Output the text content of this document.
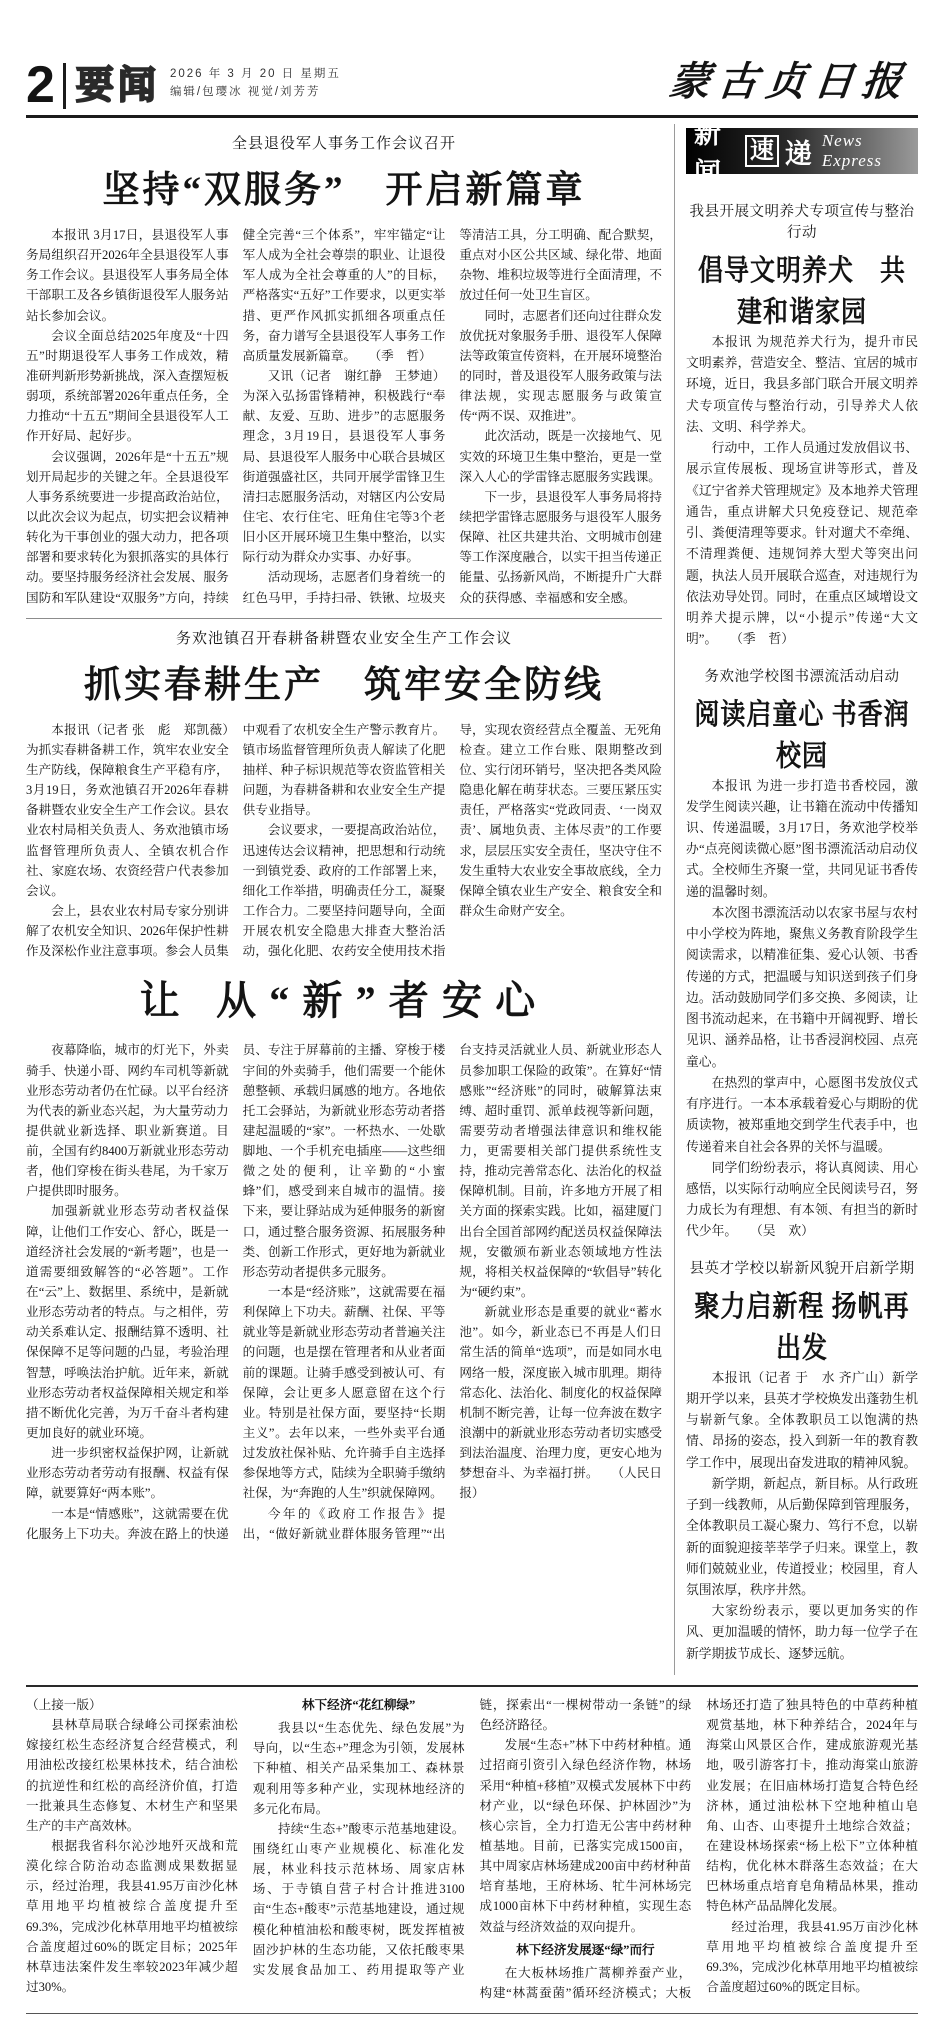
2 要闻 2026 年 3 月 20 日 星期五
编辑/包璎冰 视觉/刘芳芳	蒙古贞日报
全县退役军人事务工作会议召开
坚持“双服务”　开启新篇章

本报讯 3月17日，县退役军人事务局组织召开2026年全县退役军人事务工作会议。县退役军人事务局全体干部职工及各乡镇街退役军人服务站站长参加会议。

会议全面总结2025年度及“十四五”时期退役军人事务工作成效，精准研判新形势新挑战，深入查摆短板弱项，系统部署2026年重点任务，全力推动“十五五”期间全县退役军人工作开好局、起好步。

会议强调，2026年是“十五五”规划开局起步的关键之年。全县退役军人事务系统要进一步提高政治站位，以此次会议为起点，切实把会议精神转化为干事创业的强大动力，把各项部署和要求转化为狠抓落实的具体行动。要坚持服务经济社会发展、服务国防和军队建设“双服务”方向，持续健全完善“三个体系”，牢牢锚定“让军人成为全社会尊崇的职业、让退役军人成为全社会尊重的人”的目标，严格落实“五好”工作要求，以更实举措、更严作风抓实抓细各项重点任务，奋力谱写全县退役军人事务工作高质量发展新篇章。　　（季　哲）

又讯（记者　谢红静　王梦迪）为深入弘扬雷锋精神，积极践行“奉献、友爱、互助、进步”的志愿服务理念，3月19日，县退役军人事务局、县退役军人服务中心联合县城区街道强盛社区，共同开展学雷锋卫生清扫志愿服务活动，对辖区内公安局住宅、农行住宅、旺角住宅等3个老旧小区开展环境卫生集中整治，以实际行动为群众办实事、办好事。

活动现场，志愿者们身着统一的红色马甲，手持扫帚、铁锹、垃圾夹等清洁工具，分工明确、配合默契，重点对小区公共区域、绿化带、地面杂物、堆积垃圾等进行全面清理，不放过任何一处卫生盲区。

同时，志愿者们还向过往群众发放优抚对象服务手册、退役军人保障法等政策宣传资料，在开展环境整治的同时，普及退役军人服务政策与法律法规，实现志愿服务与政策宣传“两不误、双推进”。

此次活动，既是一次接地气、见实效的环境卫生集中整治，更是一堂深入人心的学雷锋志愿服务实践课。

下一步，县退役军人事务局将持续把学雷锋志愿服务与退役军人服务保障、社区共建共治、文明城市创建等工作深度融合，以实干担当传递正能量、弘扬新风尚，不断提升广大群众的获得感、幸福感和安全感。

务欢池镇召开春耕备耕暨农业安全生产工作会议
抓实春耕生产　筑牢安全防线

本报讯（记者 张　彪　郑凯薇）为抓实春耕备耕工作，筑牢农业安全生产防线，保障粮食生产平稳有序，3月19日，务欢池镇召开2026年春耕备耕暨农业安全生产工作会议。县农业农村局相关负责人、务欢池镇市场监督管理所负责人、全镇农机合作社、家庭农场、农资经营户代表参加会议。

会上，县农业农村局专家分别讲解了农机安全知识、2026年保护性耕作及深松作业注意事项。参会人员集中观看了农机安全生产警示教育片。镇市场监督管理所负责人解读了化肥抽样、种子标识规范等农资监管相关问题，为春耕备耕和农业安全生产提供专业指导。

会议要求，一要提高政治站位，迅速传达会议精神，把思想和行动统一到镇党委、政府的工作部署上来，细化工作举措，明确责任分工，凝聚工作合力。二要坚持问题导向，全面开展农机安全隐患大排查大整治活动，强化化肥、农药安全使用技术指导，实现农资经营点全覆盖、无死角检查。建立工作台账、限期整改到位、实行闭环销号，坚决把各类风险隐患化解在萌芽状态。三要压紧压实责任，严格落实“党政同责、‘一岗双责’、属地负责、主体尽责”的工作要求，层层压实安全责任，坚决守住不发生重特大农业安全事故底线，全力保障全镇农业生产安全、粮食安全和群众生命财产安全。

让 从“新”者安心

夜幕降临，城市的灯光下，外卖骑手、快递小哥、网约车司机等新就业形态劳动者仍在忙碌。以平台经济为代表的新业态兴起，为大量劳动力提供就业新选择、职业新赛道。目前，全国有约8400万新就业形态劳动者，他们穿梭在街头巷尾，为千家万户提供即时服务。

加强新就业形态劳动者权益保障，让他们工作安心、舒心，既是一道经济社会发展的“新考题”，也是一道需要细致解答的“必答题”。工作在“云”上、数据里、系统中，是新就业形态劳动者的特点。与之相伴，劳动关系难认定、报酬结算不透明、社保保障不足等问题的凸显，考验治理智慧，呼唤法治护航。近年来，新就业形态劳动者权益保障相关规定和举措不断优化完善，为万千奋斗者构建更加良好的就业环境。

进一步织密权益保护网，让新就业形态劳动者劳动有报酬、权益有保障，就要算好“两本账”。

一本是“情感账”，这就需要在优化服务上下功夫。奔波在路上的快递员、专注于屏幕前的主播、穿梭于楼宇间的外卖骑手，他们需要一个能休憩整顿、承载归属感的地方。各地依托工会驿站，为新就业形态劳动者搭建起温暖的“家”。一杯热水、一处歇脚地、一个手机充电插座——这些细微之处的便利，让辛勤的“小蜜蜂”们，感受到来自城市的温情。接下来，要让驿站成为延伸服务的新窗口，通过整合服务资源、拓展服务种类、创新工作形式，更好地为新就业形态劳动者提供多元服务。

一本是“经济账”，这就需要在福利保障上下功夫。薪酬、社保、平等就业等是新就业形态劳动者普遍关注的问题，也是摆在管理者和从业者面前的课题。让骑手感受到被认可、有保障，会让更多人愿意留在这个行业。特别是社保方面，要坚持“长期主义”。去年以来，一些外卖平台通过发放社保补贴、允许骑手自主选择参保地等方式，陆续为全职骑手缴纳社保，为“奔跑的人生”织就保障网。

今年的《政府工作报告》提出，“做好新就业群体服务管理”“出台支持灵活就业人员、新就业形态人员参加职工保险的政策”。在算好“情感账”“经济账”的同时，破解算法束缚、超时重罚、派单歧视等新问题，需要劳动者增强法律意识和维权能力，更需要相关部门提供系统性支持，推动完善常态化、法治化的权益保障机制。目前，许多地方开展了相关方面的探索实践。比如，福建厦门出台全国首部网约配送员权益保障法规，安徽颁布新业态领域地方性法规，将相关权益保障的“软倡导”转化为“硬约束”。

新就业形态是重要的就业“蓄水池”。如今，新业态已不再是人们日常生活的简单“选项”，而是如同水电网络一般，深度嵌入城市肌理。期待常态化、法治化、制度化的权益保障机制不断完善，让每一位奔波在数字浪潮中的新就业形态劳动者切实感受到法治温度、治理力度，更安心地为梦想奋斗、为幸福打拼。　　（人民日报）

新闻
速 递 News Express
我县开展文明养犬专项宣传与整治行动
倡导文明养犬　共建和谐家园

本报讯 为规范养犬行为，提升市民文明素养，营造安全、整洁、宜居的城市环境，近日，我县多部门联合开展文明养犬专项宣传与整治行动，引导养犬人依法、文明、科学养犬。

行动中，工作人员通过发放倡议书、展示宣传展板、现场宣讲等形式，普及《辽宁省养犬管理规定》及本地养犬管理通告，重点讲解犬只免疫登记、规范牵引、粪便清理等要求。针对遛犬不牵绳、不清理粪便、违规饲养大型犬等突出问题，执法人员开展联合巡查，对违规行为依法劝导处罚。同时，在重点区域增设文明养犬提示牌，以“小提示”传递“大文明”。　　（季　哲）

务欢池学校图书漂流活动启动
阅读启童心 书香润校园

本报讯 为进一步打造书香校园，激发学生阅读兴趣，让书籍在流动中传播知识、传递温暖，3月17日，务欢池学校举办“点亮阅读微心愿”图书漂流活动启动仪式。全校师生齐聚一堂，共同见证书香传递的温馨时刻。

本次图书漂流活动以农家书屋与农村中小学校为阵地，聚焦义务教育阶段学生阅读需求，以精准征集、爱心认领、书香传递的方式，把温暖与知识送到孩子们身边。活动鼓励同学们多交换、多阅读，让图书流动起来，在书籍中开阔视野、增长见识、涵养品格，让书香浸润校园、点亮童心。

在热烈的掌声中，心愿图书发放仪式有序进行。一本本承载着爱心与期盼的优质读物，被郑重地交到学生代表手中，也传递着来自社会各界的关怀与温暖。

同学们纷纷表示，将认真阅读、用心感悟，以实际行动响应全民阅读号召，努力成长为有理想、有本领、有担当的新时代少年。　　（吴　欢）

县英才学校以崭新风貌开启新学期
聚力启新程 扬帆再出发

本报讯（记者 于　水 齐广山）新学期开学以来，县英才学校焕发出蓬勃生机与崭新气象。全体教职员工以饱满的热情、昂扬的姿态，投入到新一年的教育教学工作中，展现出奋发进取的精神风貌。

新学期，新起点，新目标。从行政班子到一线教师，从后勤保障到管理服务，全体教职员工凝心聚力、笃行不怠，以崭新的面貌迎接莘莘学子归来。课堂上，教师们兢兢业业，传道授业；校园里，育人氛围浓厚，秩序井然。

大家纷纷表示，要以更加务实的作风、更加温暖的情怀，助力每一位学子在新学期拔节成长、逐梦远航。

（上接一版）

县林草局联合绿峰公司探索油松嫁接红松生态经济复合经营模式，利用油松改接红松果林技术，结合油松的抗逆性和红松的高经济价值，打造一批兼具生态修复、木材生产和坚果生产的丰产高效林。

根据我省科尔沁沙地歼灭战和荒漠化综合防治动态监测成果数据显示，经过治理，我县41.95万亩沙化林草用地平均植被综合盖度提升至69.3%，完成沙化林草用地平均植被综合盖度超过60%的既定目标；2025年林草违法案件发生率较2023年减少超过30%。

林下经济“花红柳绿”

我县以“生态优先、绿色发展”为导向，以“生态+”理念为引领，发展林下种植、相关产品采集加工、森林景观利用等多种产业，实现林地经济的多元化布局。

持续“生态+”酸枣示范基地建设。围绕红山枣产业规模化、标准化发展，林业科技示范林场、周家店林场、于寺镇自营子村合计推进3100亩“生态+酸枣”示范基地建设，通过规模化种植油松和酸枣树，既发挥植被固沙护林的生态功能，又依托酸枣果实发展食品加工、药用提取等产业链，探索出“一棵树带动一条链”的绿色经济路径。

发展“生态+”林下中药材种植。通过招商引资引入绿色经济作物，林场采用“种植+移植”双模式发展林下中药材产业，以“绿色环保、护林固沙”为核心宗旨，全力打造无公害中药材种植基地。目前，已落实完成1500亩，其中周家店林场建成200亩中药材种苗培育基地，王府林场、牤牛河林场完成1000亩林下中药材种植，实现生态效益与经济效益的双向提升。

林下经济发展逐“绿”而行

在大板林场推广蒿柳养蚕产业，构建“林蒿蚕菌”循环经济模式；大板林场还打造了独具特色的中草药种植观赏基地，林下种养结合，2024年与海棠山风景区合作，建成旅游观光基地，吸引游客打卡，推动海棠山旅游业发展；在旧庙林场打造复合特色经济林，通过油松林下空地种植山皂角、山杏、山枣提升土地综合效益；在建设林场探索“杨上松下”立体种植结构，优化林木群落生态效益；在大巴林场重点培育皂角精品林果，推动特色林产品品牌化发展。

经过治理，我县41.95万亩沙化林草用地平均植被综合盖度提升至69.3%，完成沙化林草用地平均植被综合盖度超过60%的既定目标。
